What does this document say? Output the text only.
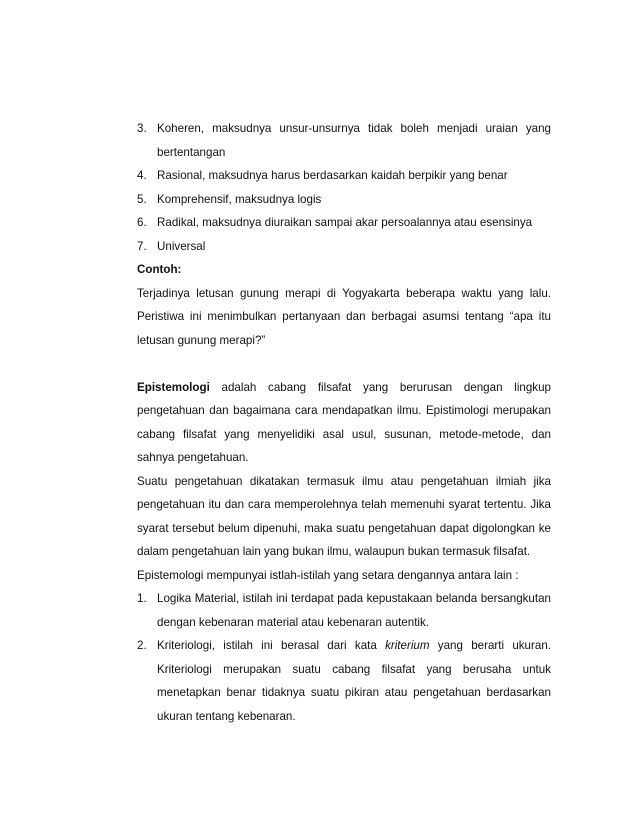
3. Koheren, maksudnya unsur-unsurnya tidak boleh menjadi uraian yang bertentangan
4. Rasional, maksudnya harus berdasarkan kaidah berpikir yang benar
5. Komprehensif, maksudnya logis
6. Radikal, maksudnya diuraikan sampai akar persoalannya atau esensinya
7. Universal
Contoh:
Terjadinya letusan gunung merapi di Yogyakarta beberapa waktu yang lalu. Peristiwa ini menimbulkan pertanyaan dan berbagai asumsi tentang “apa itu letusan gunung merapi?”
Epistemologi adalah cabang filsafat yang berurusan dengan lingkup pengetahuan dan bagaimana cara mendapatkan ilmu. Epistimologi merupakan cabang filsafat yang menyelidiki asal usul, susunan, metode-metode, dan sahnya pengetahuan.
Suatu pengetahuan dikatakan termasuk ilmu atau pengetahuan ilmiah jika pengetahuan itu dan cara memperolehnya telah memenuhi syarat tertentu. Jika syarat tersebut belum dipenuhi, maka suatu pengetahuan dapat digolongkan ke dalam pengetahuan lain yang bukan ilmu, walaupun bukan termasuk filsafat.
Epistemologi mempunyai istlah-istilah yang setara dengannya antara lain :
1. Logika Material, istilah ini terdapat pada kepustakaan belanda bersangkutan dengan kebenaran material atau kebenaran autentik.
2. Kriteriologi, istilah ini berasal dari kata kriterium yang berarti ukuran. Kriteriologi merupakan suatu cabang filsafat yang berusaha untuk menetapkan benar tidaknya suatu pikiran atau pengetahuan berdasarkan ukuran tentang kebenaran.
